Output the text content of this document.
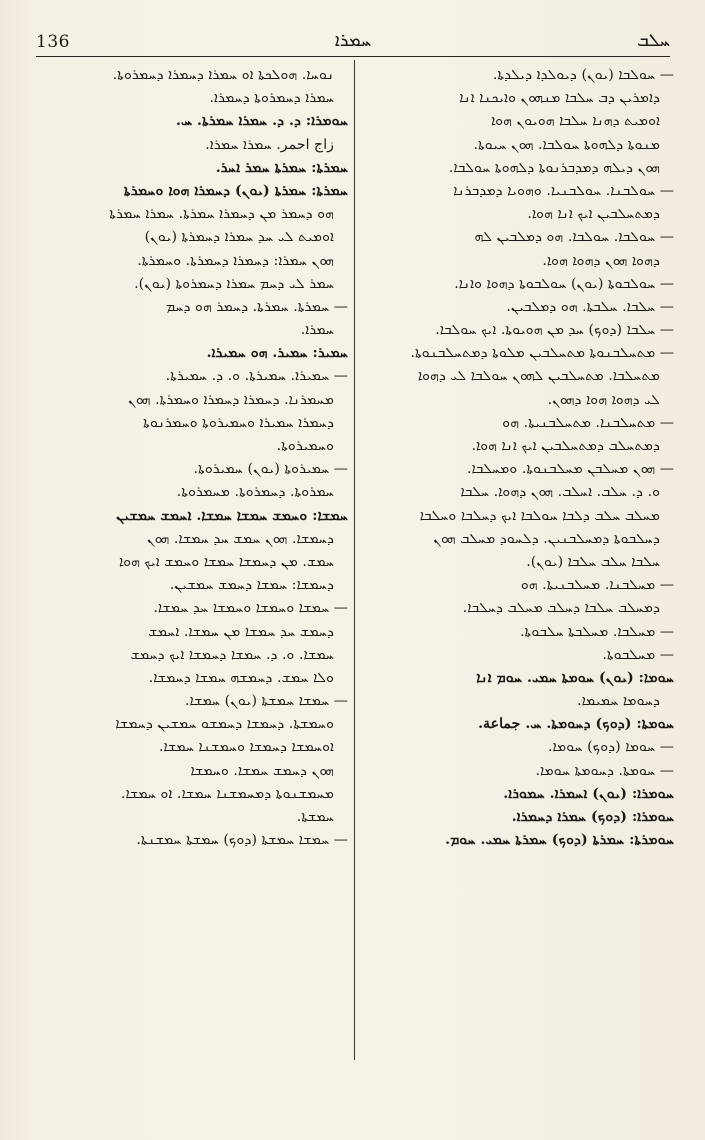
136	ܚܡܪܐ	ܚܠܒ
— ܚܘܠܒܐ (ܝܘܢ) ܕܝܘܠܕܐ ܕܝܠܕܬܐ.
ܕܐܡܪܝܢ ܕܒ ܚܠܒܐ ܡܢܗܘܢ ܘܐܝܟܢܐ ܐܢܐ
ܐܘܡܝܬ ܕܗܢܐ ܚܠܒܐ ܗܘܝܘܢ ܗܘܐ
ܡܢܘܬܐ ܕܠܗܘܬܐ ܚܘܠܒܐ. ܗܘܢ ܚܝܘܬܐ.
ܗܘܢ ܕܝܠܗ ܕܡܕܒܪܢܘܬܐ ܕܠܗܘܬܐ ܚܘܠܒܐ.
— ܚܘܠܒܢܐ. ܚܘܠܒܢܝܐ. ܘܗܘܝܐ ܕܡܕܒܪܢܐ
ܕܡܬܚܠܒܝܢ ܐܝܟ ܐܢܐ ܗܘܐ.
— ܚܘܠܒܐ. ܚܘܠܒܐ. ܗܘ ܕܡܠܒܝܢ ܠܗ
ܕܗܘܐ ܗܘܢ ܕܗܘܐ ܗܘܐ.
— ܚܘܠܒܘܬܐ (ܝܘܢ) ܚܘܠܒܘܬܐ ܕܗܘܐ ܘܐܢܐ.
— ܚܠܒܐ. ܚܠܒܬܐ. ܗܘ ܕܡܠܒܝܢ.
— ܚܠܒܐ (ܕܘܟ) ܚܕ ܡܢ ܗܘܝܘܬܐ. ܐܝܟ ܚܘܠܒܐ.
— ܡܬܚܠܒܢܘܬܐ ܡܬܚܠܒܝܢ ܡܠܘܬܐ ܕܡܬܚܠܒܢܘܬܐ.
ܡܬܚܠܒܐ. ܡܬܚܠܒܝܢ ܠܗܘܢ ܚܘܠܒܐ ܠܝ ܕܗܘܐ
ܠܝ ܕܗܘܐ ܗܘܐ ܕܗܘܢ.
— ܡܬܚܠܒܢܐ. ܡܬܚܠܒܢܝܬܐ. ܗܘ
ܕܡܬܚܠܒ ܕܡܬܚܠܒܝܢ ܐܝܟ ܐܢܐ ܗܘܐ.
— ܗܘܢ ܡܚܠܒܢ ܡܚܠܒܢܘܬܐ. ܘܡܚܠܒܐ.
ܘ. ܕ. ܚܠܒ. ܐܚܠܒ. ܗܘܢ ܕܗܘܐ. ܚܠܒܐ
ܡܚܠܒ ܚܠܒ ܕܠܒܐ ܚܘܠܒܐ ܐܝܟ ܕܚܠܒܐ ܘܚܠܒܐ
ܕܚܠܒܘܬܐ ܕܡܚܠܒܢܝܢ. ܕܠܚܘܕ ܡܚܠܒ ܗܘܢ
ܚܠܒܐ ܚܠܒ ܚܠܒܐ (ܝܘܢ).
— ܡܚܠܒܢܐ. ܡܚܠܒܢܝܬܐ. ܗܘ
ܕܡܚܠܒ ܚܠܒܐ ܕܚܠܒ ܡܚܠܒ ܕܚܠܒܐ.
— ܡܚܠܒܐ. ܡܚܠܒܬܐ ܚܠܒܘܬܐ.
— ܡܚܠܒܘܬܐ.
ܚܘܡܐ: (ܝܘܢ) ܚܘܡܬܐ ܚܡܝ. ܚܘܡ ܐܢܐ
ܕܚܘܡܐ ܚܡܝܡܐ.
ܚܘܡܬܐ: (ܕܘܟ) ܕܚܘܡܬܐ. ܚ. جماعة.
— ܚܘܡܐ (ܕܘܟ) ܚܘܡܐ.
— ܚܘܡܬܐ. ܕܚܘܡܬܐ ܚܘܡܐ.
ܚܘܡܪܐ: (ܝܘܢ) ܐܚܡܪܐ. ܚܡܘܪܐ.
ܚܘܡܪܐ: (ܕܘܟ) ܚܡܪܐ ܕܚܡܪܐ.
ܚܘܡܪܬܐ: ܚܡܪܬܐ (ܕܘܟ) ܚܡܪܬܐ ܚܡܝ. ܚܘܡ.
ܢܘܚܐ. ܗܘܠܟܬܐ ܐܘ ܚܡܪܐ ܕܚܡܪܐ ܕܚܡܪܘܬܐ.
ܚܡܪܐ ܕܚܡܪܘܬܐ ܕܚܡܪܐ.
ܚܘܡܪܐ: ܕ. ܕ. ܚܡܪܐ ܚܡܪܬܐ. ܚ.
زاج احمر. ܚܡܪܐ ܚܡܪܐ.
ܚܡܪܬܐ: ܚܡܪܬܐ ܚܡܪ ܐܚܪ.
ܚܡܪܬܐ: ܚܡܪܬܐ (ܝܘܢ) ܕܚܡܪܐ ܗܘܐ ܘܚܡܪܬܐ
ܗܘ ܕܚܡܪ ܡܢ ܕܚܡܪܐ ܚܡܪܬܐ. ܚܡܪܐ ܚܡܪܬܐ
ܐܘܡܝܬ ܠܝ ܚܕ ܚܡܪܐ ܕܚܡܪܬܐ (ܝܘܢ)
ܗܘܢ ܚܡܪܐ: ܕܚܡܪܐ ܕܚܡܪܬܐ. ܘܚܡܪܬܐ.
ܚܡܪ ܠܝ ܕܚܡ ܚܡܪܐ ܕܚܡܪܘܬܐ (ܝܘܢ).
— ܚܡܪܬܐ. ܚܡܪܬܐ. ܕܚܡܪ ܗܘ ܕܚܡ
ܚܡܪܐ.
ܚܡܝܪ: ܚܡܝܪ. ܗܘ ܚܡܝܪܐ.
— ܚܡܝܪܐ. ܚܡܝܪܬܐ. ܘ. ܕ. ܚܡܝܪܬܐ.
ܡܚܡܪܢܐ. ܕܚܡܪܐ ܕܚܡܪܐ ܘܚܡܪܬܐ. ܗܘܢ
ܕܚܡܪܐ ܚܡܝܪܐ ܘܚܡܝܪܘܬܐ ܘܚܡܪܢܘܬܐ
ܘܚܡܝܪܘܬܐ.
— ܚܡܝܪܘܬܐ (ܝܘܢ) ܚܡܝܪܘܬܐ.
ܚܡܪܘܬܐ. ܕܚܡܪܘܬܐ. ܡܚܡܪܘܬܐ.
ܚܡܫܐ: ܘܚܡܫ ܚܡܫܐ ܚܡܫܐ. ܐܚܡܫ ܚܡܫܝܢ
ܕܚܡܫܐ. ܗܘܢ ܚܡܫ ܚܕ ܚܡܫܐ. ܗܘܢ
ܚܡܫ. ܡܢ ܕܚܡܫܐ ܚܡܫܐ ܘܚܡܫ ܐܝܟ ܗܘܐ
ܕܚܡܫܐ: ܚܡܫܐ ܕܚܡܫ ܚܡܫܝܢ.
— ܚܡܫܐ ܘܚܡܫܐ ܘܚܡܫܐ ܚܕ ܚܡܫܐ.
ܕܚܡܫ ܚܕ ܚܡܫܐ ܡܢ ܚܡܫܐ. ܐܚܡܫ
ܚܡܫܐ. ܘ. ܕ. ܚܡܫܐ ܕܚܡܫܐ ܐܝܟ ܕܚܡܫ
ܘܠܐ ܚܡܫ. ܕܚܡܫܗ ܚܡܫܐ ܕܚܡܫܐ.
— ܚܡܫܐ ܚܡܫܬܐ (ܝܘܢ) ܚܡܫܐ.
ܘܚܡܫܬܐ. ܕܚܡܫܐ ܕܚܡܫܘ ܚܡܫܝܢ ܕܚܡܫܐ
ܐܘܚܡܫܐ ܕܚܡܫܐ ܘܚܡܫܢܐ ܚܡܫܐ.
ܗܘܢ ܕܚܡܫ ܚܡܫܐ. ܘܚܡܫܐ
ܡܚܡܫܢܘܬܐ ܕܡܚܡܫܢܐ ܚܡܫܐ. ܐܘ ܚܡܫܐ.
ܚܡܫܬܐ.
— ܚܡܫܐ ܚܡܫܬܐ (ܕܘܟ) ܚܡܫܬܐ ܚܡܫܢܬܐ.
